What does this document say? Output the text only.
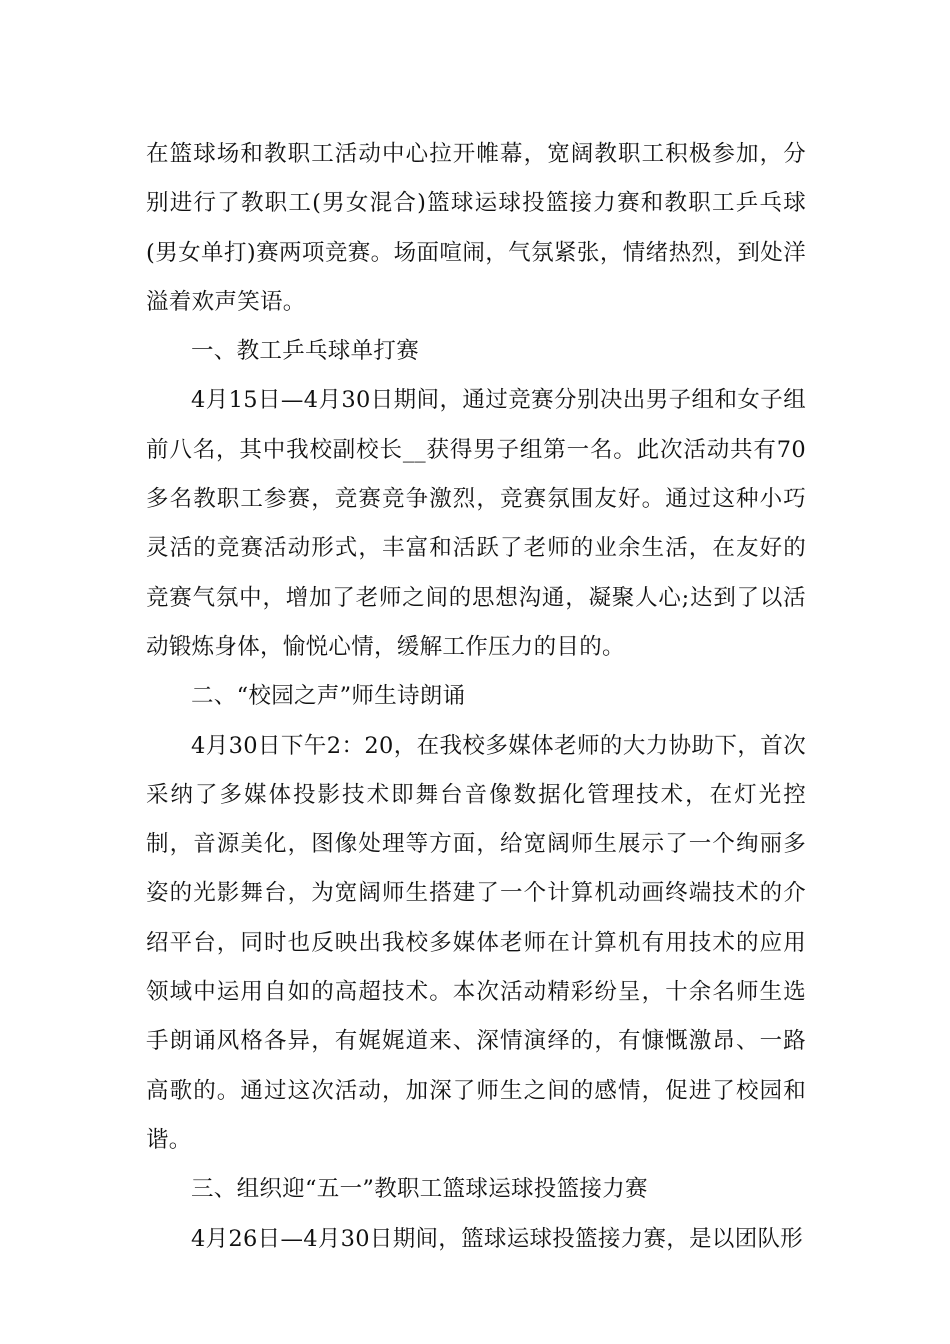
在篮球场和教职工活动中心拉开帷幕，宽阔教职工积极参加，分别进行了教职工(男女混合)篮球运球投篮接力赛和教职工乒乓球(男女单打)赛两项竞赛。场面喧闹，气氛紧张，情绪热烈，到处洋溢着欢声笑语。

一、教工乒乓球单打赛

4月15日—4月30日期间，通过竞赛分别决出男子组和女子组前八名，其中我校副校长__获得男子组第一名。此次活动共有70多名教职工参赛，竞赛竞争激烈，竞赛氛围友好。通过这种小巧灵活的竞赛活动形式，丰富和活跃了老师的业余生活，在友好的竞赛气氛中，增加了老师之间的思想沟通，凝聚人心;达到了以活动锻炼身体，愉悦心情，缓解工作压力的目的。

二、“校园之声”师生诗朗诵

4月30日下午2：20，在我校多媒体老师的大力协助下，首次采纳了多媒体投影技术即舞台音像数据化管理技术，在灯光控制，音源美化，图像处理等方面，给宽阔师生展示了一个绚丽多姿的光影舞台，为宽阔师生搭建了一个计算机动画终端技术的介绍平台，同时也反映出我校多媒体老师在计算机有用技术的应用领域中运用自如的高超技术。本次活动精彩纷呈，十余名师生选手朗诵风格各异，有娓娓道来、深情演绎的，有慷慨激昂、一路高歌的。通过这次活动，加深了师生之间的感情，促进了校园和谐。

三、组织迎“五一”教职工篮球运球投篮接力赛

4月26日—4月30日期间，篮球运球投篮接力赛，是以团队形
